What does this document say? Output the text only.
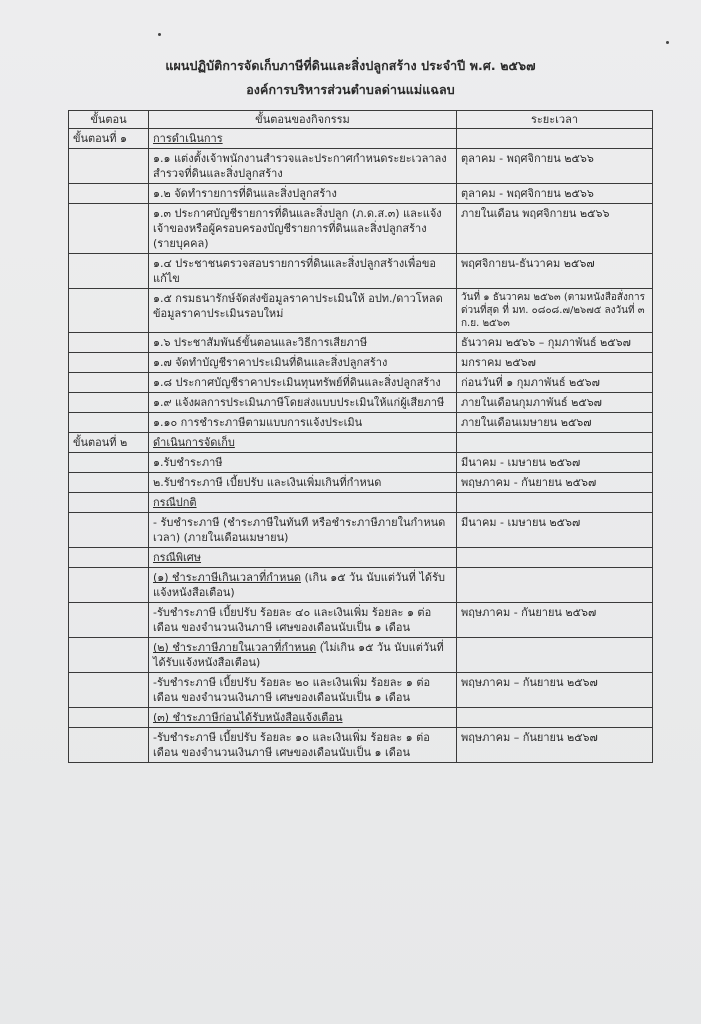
แผนปฏิบัติการจัดเก็บภาษีที่ดินและสิ่งปลูกสร้าง ประจำปี พ.ศ. ๒๕๖๗
องค์การบริหารส่วนตำบลด่านแม่แฉลบ
ขั้นตอน	ขั้นตอนของกิจกรรม	ระยะเวลา
ขั้นตอนที่ ๑	การดำเนินการ	
	๑.๑ แต่งตั้งเจ้าพนักงานสำรวจและประกาศกำหนดระยะเวลาลงสำรวจที่ดินและสิ่งปลูกสร้าง	ตุลาคม - พฤศจิกายน ๒๕๖๖
	๑.๒ จัดทำรายการที่ดินและสิ่งปลูกสร้าง	ตุลาคม - พฤศจิกายน ๒๕๖๖
	๑.๓ ประกาศบัญชีรายการที่ดินและสิ่งปลูก (ภ.ด.ส.๓) และแจ้งเจ้าของหรือผู้ครอบครองบัญชีรายการที่ดินและสิ่งปลูกสร้าง (รายบุคคล)	ภายในเดือน พฤศจิกายน ๒๕๖๖
	๑.๔ ประชาชนตรวจสอบรายการที่ดินและสิ่งปลูกสร้างเพื่อขอแก้ไข	พฤศจิกายน-ธันวาคม ๒๕๖๗
	๑.๕ กรมธนารักษ์จัดส่งข้อมูลราคาประเมินให้ อปท./ดาวโหลดข้อมูลราคาประเมินรอบใหม่	วันที่ ๑ ธันวาคม ๒๕๖๓ (ตามหนังสือสั่งการด่วนที่สุด ที่ มท. ๐๘๐๘.๗/๒๖๗๕ ลงวันที่ ๓ ก.ย. ๒๕๖๓
	๑.๖ ประชาสัมพันธ์ขั้นตอนและวิธีการเสียภาษี	ธันวาคม ๒๕๖๖ – กุมภาพันธ์ ๒๕๖๗
	๑.๗ จัดทำบัญชีราคาประเมินที่ดินและสิ่งปลูกสร้าง	มกราคม ๒๕๖๗
	๑.๘ ประกาศบัญชีราคาประเมินทุนทรัพย์ที่ดินและสิ่งปลูกสร้าง	ก่อนวันที่ ๑ กุมภาพันธ์ ๒๕๖๗
	๑.๙ แจ้งผลการประเมินภาษีโดยส่งแบบประเมินให้แก่ผู้เสียภาษี	ภายในเดือนกุมภาพันธ์ ๒๕๖๗
	๑.๑๐ การชำระภาษีตามแบบการแจ้งประเมิน	ภายในเดือนเมษายน ๒๕๖๗
ขั้นตอนที่ ๒	ดำเนินการจัดเก็บ	
	๑.รับชำระภาษี	มีนาคม - เมษายน ๒๕๖๗
	๒.รับชำระภาษี เบี้ยปรับ และเงินเพิ่มเกินที่กำหนด	พฤษภาคม - กันยายน ๒๕๖๗
	กรณีปกติ	
	- รับชำระภาษี (ชำระภาษีในทันที หรือชำระภาษีภายในกำหนดเวลา) (ภายในเดือนเมษายน)	มีนาคม - เมษายน ๒๕๖๗
	กรณีพิเศษ	
	(๑) ชำระภาษีเกินเวลาที่กำหนด (เกิน ๑๕ วัน นับแต่วันที่ ได้รับแจ้งหนังสือเตือน)	
	-รับชำระภาษี เบี้ยปรับ ร้อยละ ๔๐ และเงินเพิ่ม ร้อยละ ๑ ต่อเดือน ของจำนวนเงินภาษี เศษของเดือนนับเป็น ๑ เดือน	พฤษภาคม - กันยายน ๒๕๖๗
	(๒) ชำระภาษีภายในเวลาที่กำหนด (ไม่เกิน ๑๕ วัน นับแต่วันที่ได้รับแจ้งหนังสือเตือน)	
	-รับชำระภาษี เบี้ยปรับ ร้อยละ ๒๐ และเงินเพิ่ม ร้อยละ ๑ ต่อเดือน ของจำนวนเงินภาษี เศษของเดือนนับเป็น ๑ เดือน	พฤษภาคม – กันยายน ๒๕๖๗
	(๓) ชำระภาษีก่อนได้รับหนังสือแจ้งเตือน	
	-รับชำระภาษี เบี้ยปรับ ร้อยละ ๑๐ และเงินเพิ่ม ร้อยละ ๑ ต่อเดือน ของจำนวนเงินภาษี เศษของเดือนนับเป็น ๑ เดือน	พฤษภาคม – กันยายน ๒๕๖๗
